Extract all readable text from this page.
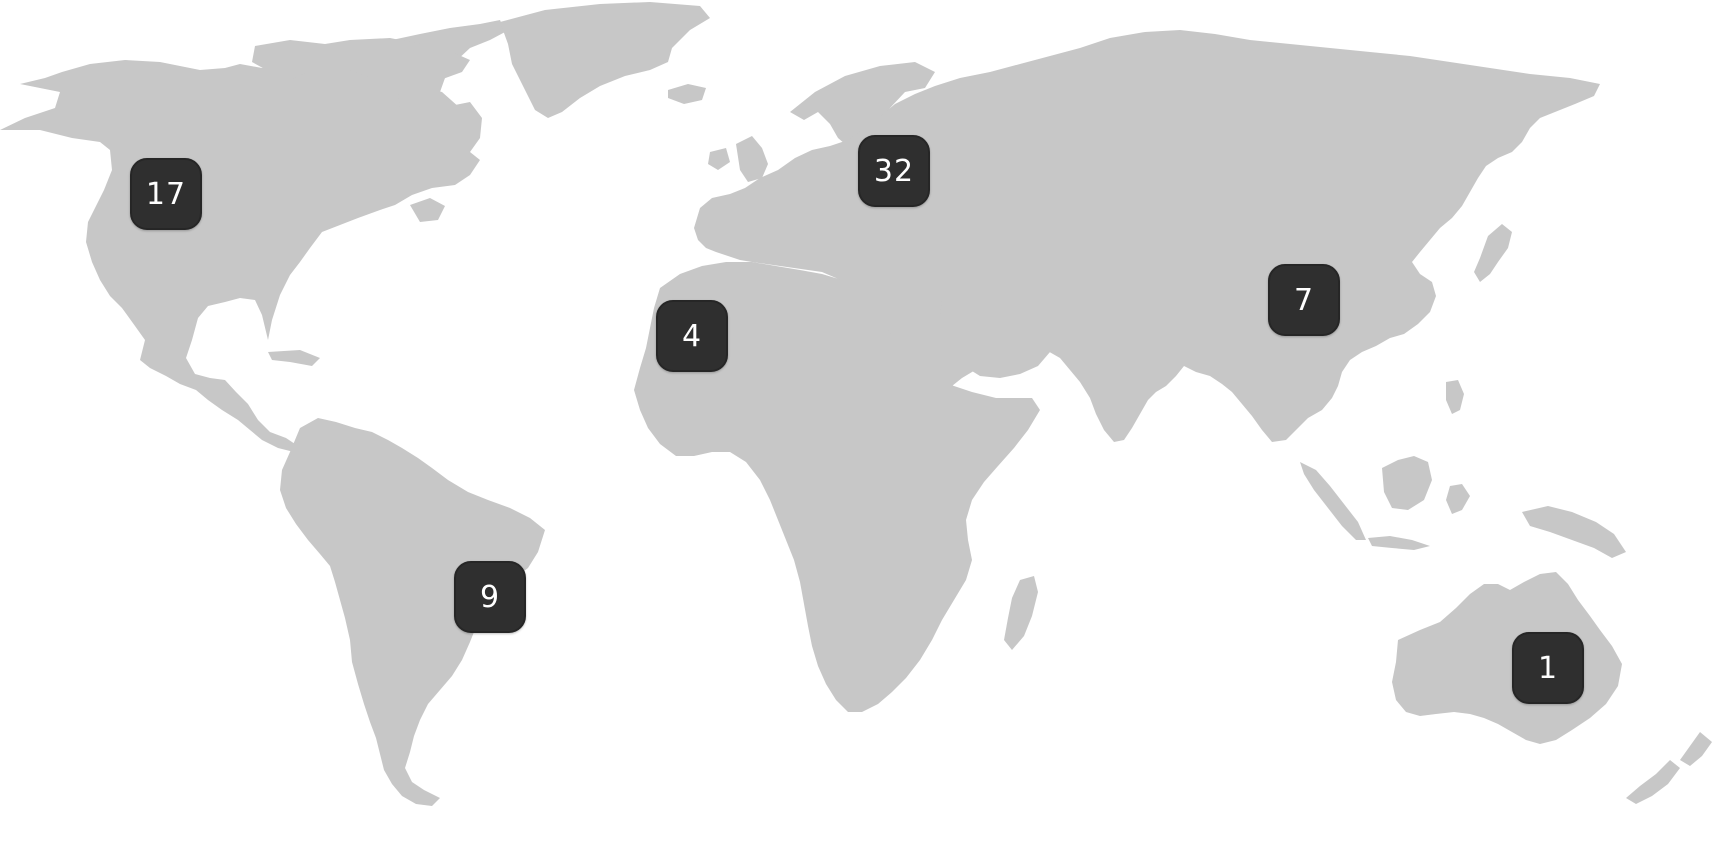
17
32
4
7
9
1
